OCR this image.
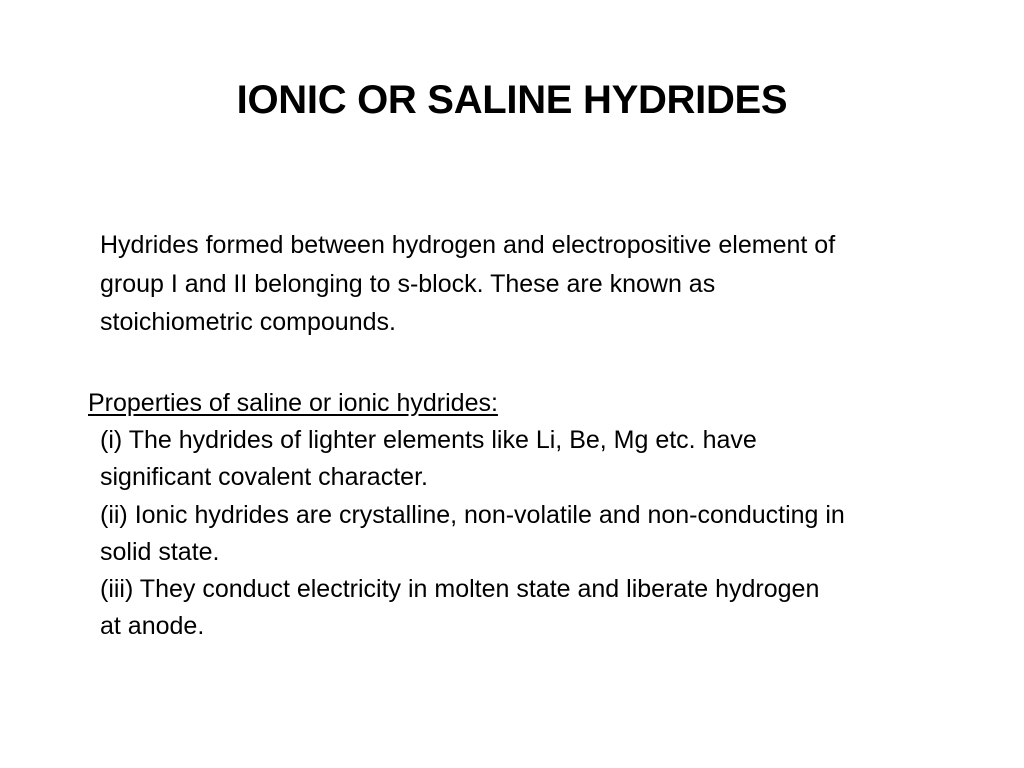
IONIC OR SALINE HYDRIDES

Hydrides formed between hydrogen and electropositive element of
group I and II belonging to s-block. These are known as
stoichiometric compounds.

Properties of saline or ionic hydrides:

(i) The hydrides of lighter elements like Li, Be, Mg etc. have
significant covalent character.
(ii) Ionic hydrides are crystalline, non-volatile and non-conducting in
solid state.
(iii) They conduct electricity in molten state and liberate hydrogen
at anode.
